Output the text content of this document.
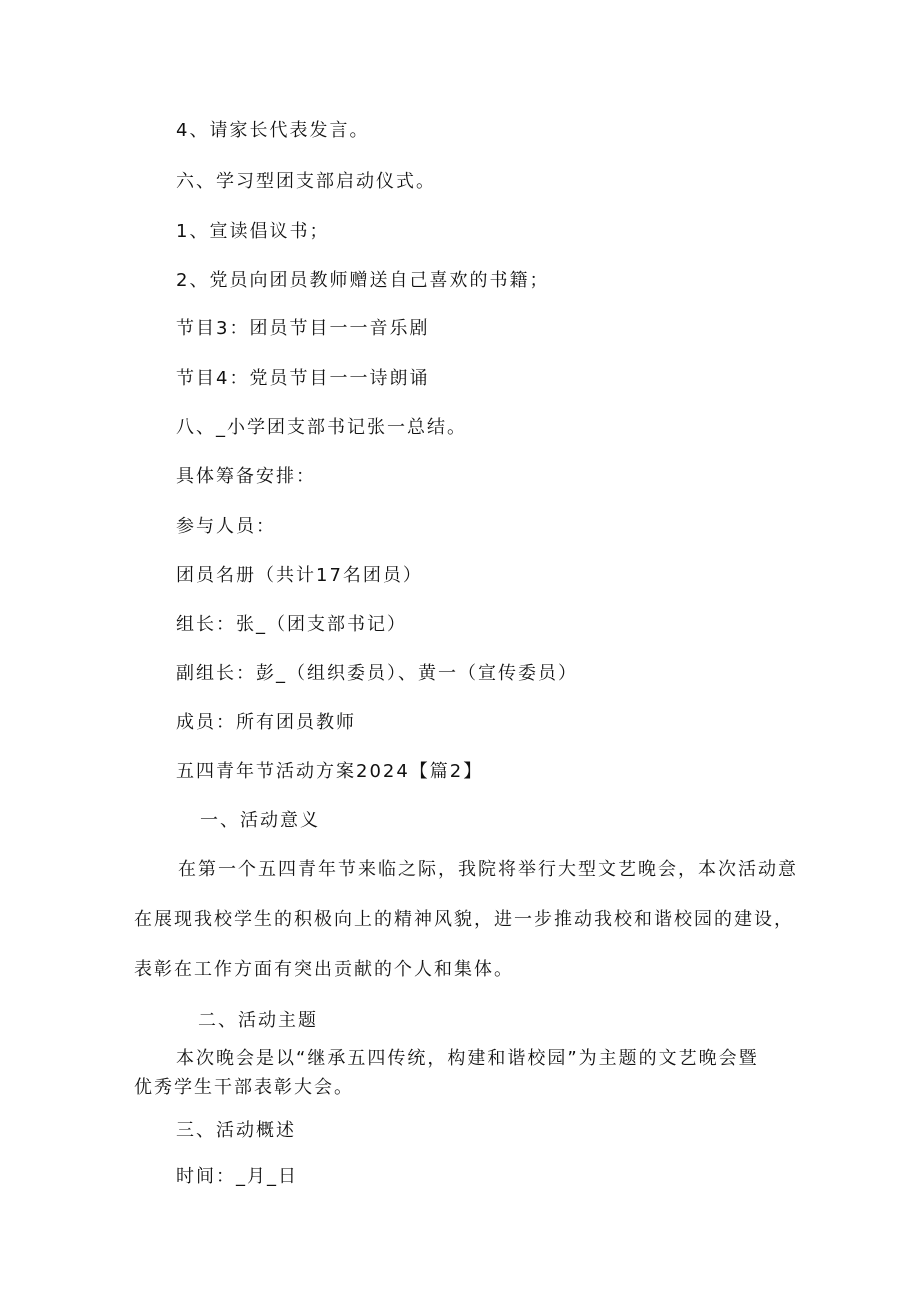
4、请家长代表发言。
六、学习型团支部启动仪式。
1、宣读倡议书；
2、党员向团员教师赠送自己喜欢的书籍；
节目3：团员节目一一音乐剧
节目4：党员节目一一诗朗诵
八、_小学团支部书记张一总结。
具体筹备安排：
参与人员：
团员名册（共计17名团员）
组长：张_（团支部书记）
副组长：彭_（组织委员）、黄一（宣传委员）
成员：所有团员教师
五四青年节活动方案2024【篇2】
一、活动意义
在第一个五四青年节来临之际，我院将举行大型文艺晚会，本次活动意
在展现我校学生的积极向上的精神风貌，进一步推动我校和谐校园的建设，
表彰在工作方面有突出贡献的个人和集体。
二、活动主题
本次晚会是以“继承五四传统，构建和谐校园”为主题的文艺晚会暨
优秀学生干部表彰大会。
三、活动概述
时间：_月_日
